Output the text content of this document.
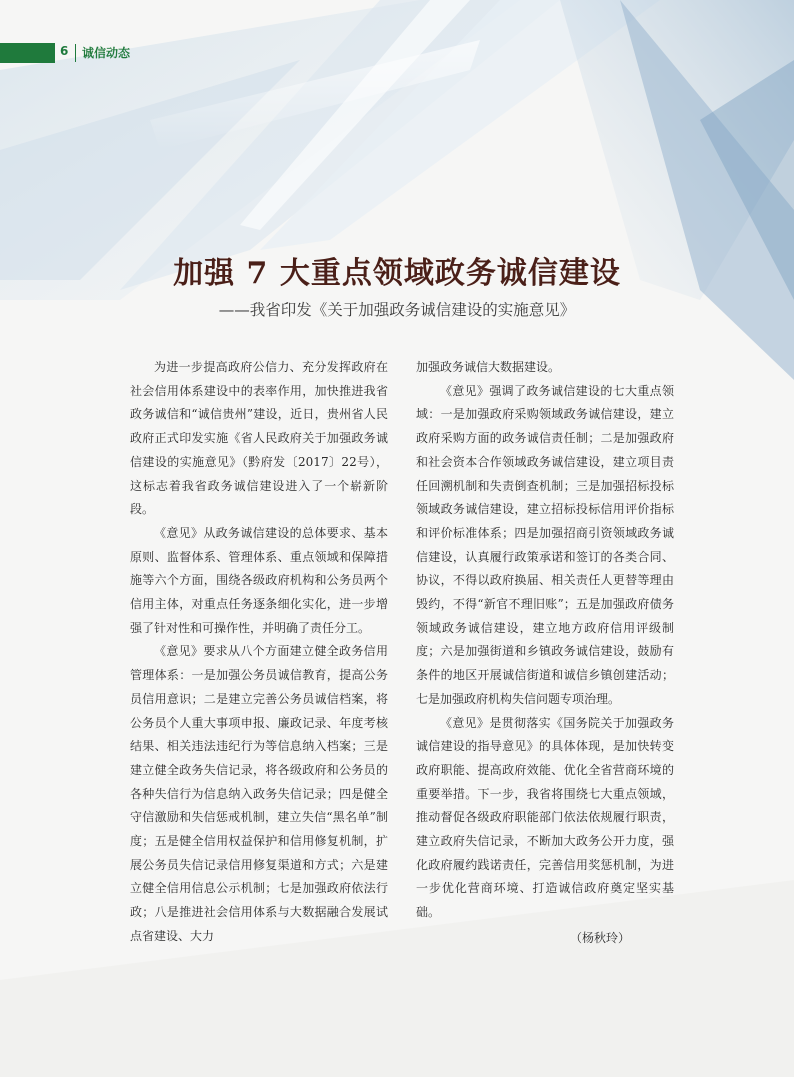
6 诚信动态
加强 7 大重点领域政务诚信建设
——我省印发《关于加强政务诚信建设的实施意见》

为进一步提高政府公信力、充分发挥政府在社会信用体系建设中的表率作用，加快推进我省政务诚信和“诚信贵州”建设，近日，贵州省人民政府正式印发实施《省人民政府关于加强政务诚信建设的实施意见》（黔府发〔2017〕22号），这标志着我省政务诚信建设进入了一个崭新阶段。

《意见》从政务诚信建设的总体要求、基本原则、监督体系、管理体系、重点领域和保障措施等六个方面，围绕各级政府机构和公务员两个信用主体，对重点任务逐条细化实化，进一步增强了针对性和可操作性，并明确了责任分工。

《意见》要求从八个方面建立健全政务信用管理体系：一是加强公务员诚信教育，提高公务员信用意识；二是建立完善公务员诚信档案，将公务员个人重大事项申报、廉政记录、年度考核结果、相关违法违纪行为等信息纳入档案；三是建立健全政务失信记录，将各级政府和公务员的各种失信行为信息纳入政务失信记录；四是健全守信激励和失信惩戒机制，建立失信“黑名单”制度；五是健全信用权益保护和信用修复机制，扩展公务员失信记录信用修复渠道和方式；六是建立健全信用信息公示机制；七是加强政府依法行政；八是推进社会信用体系与大数据融合发展试点省建设、大力

加强政务诚信大数据建设。

《意见》强调了政务诚信建设的七大重点领域：一是加强政府采购领域政务诚信建设，建立政府采购方面的政务诚信责任制；二是加强政府和社会资本合作领域政务诚信建设，建立项目责任回溯机制和失责倒查机制；三是加强招标投标领域政务诚信建设，建立招标投标信用评价指标和评价标准体系；四是加强招商引资领域政务诚信建设，认真履行政策承诺和签订的各类合同、协议，不得以政府换届、相关责任人更替等理由毁约，不得“新官不理旧账”；五是加强政府债务领域政务诚信建设，建立地方政府信用评级制度；六是加强街道和乡镇政务诚信建设，鼓励有条件的地区开展诚信街道和诚信乡镇创建活动；七是加强政府机构失信问题专项治理。

《意见》是贯彻落实《国务院关于加强政务诚信建设的指导意见》的具体体现，是加快转变政府职能、提高政府效能、优化全省营商环境的重要举措。下一步，我省将围绕七大重点领域，推动督促各级政府职能部门依法依规履行职责，建立政府失信记录，不断加大政务公开力度，强化政府履约践诺责任，完善信用奖惩机制，为进一步优化营商环境、打造诚信政府奠定坚实基础。

（杨秋玲）
